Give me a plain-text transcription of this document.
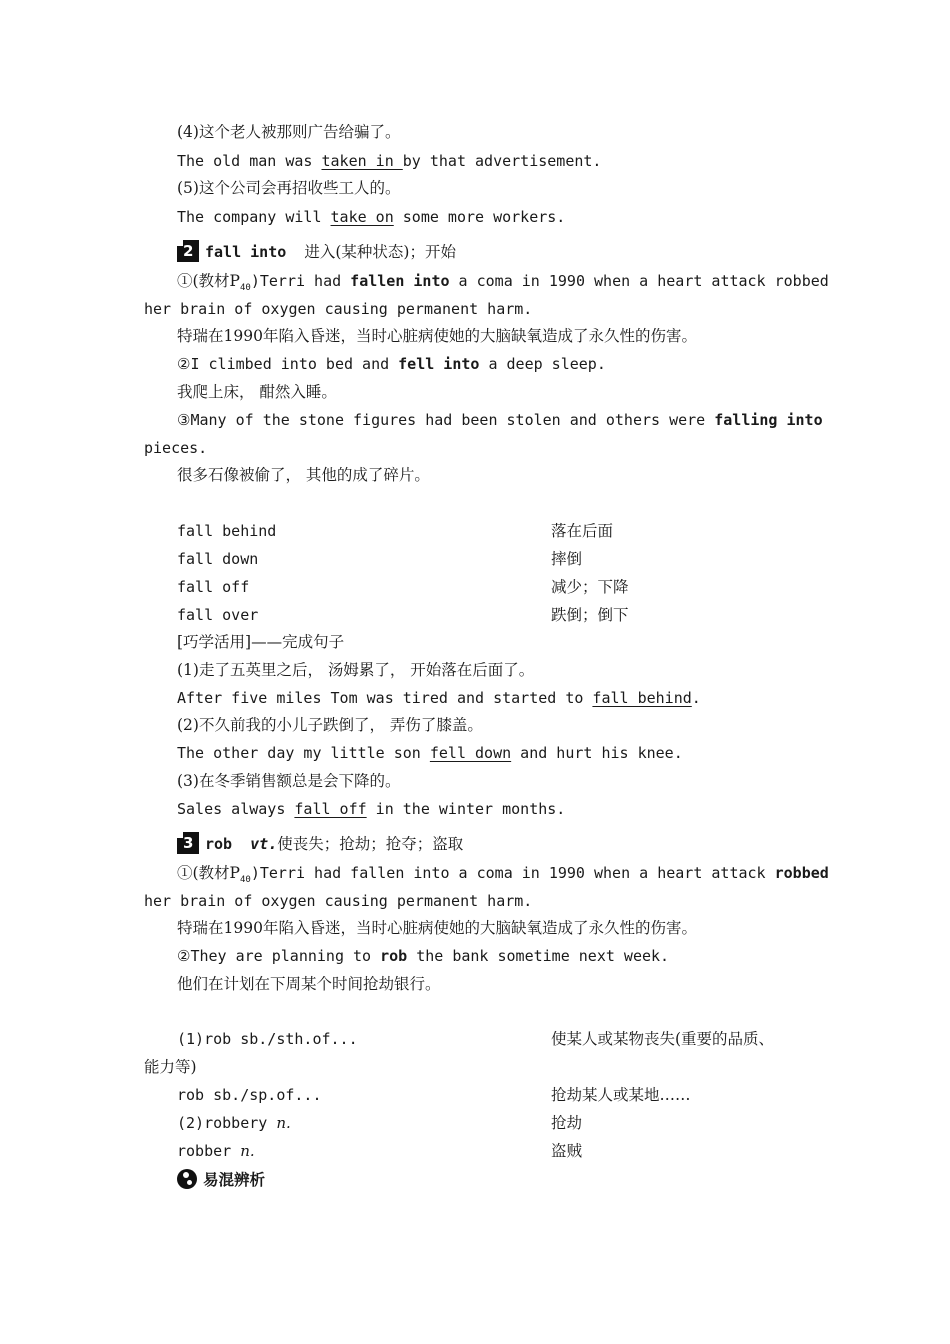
(4)这个老人被那则广告给骗了。
The old man was taken in by that advertisement.
(5)这个公司会再招收些工人的。
The company will take on some more workers.
2 fall into 进入(某种状态)；开始
①(教材$P_{40})Terri$ had fallen into a coma in 1990 when a heart attack robbed
her brain of oxygen causing permanent harm.
特瑞在1990年陷入昏迷，当时心脏病使她的大脑缺氧造成了永久性的伤害。
②I climbed into bed and fell into a deep sleep.
我爬上床， 酣然入睡。
③Many of the stone figures had been stolen and others were falling into
pieces.
很多石像被偷了， 其他的成了碎片。
fall behind	落在后面
fall down	摔倒
fall off	减少；下降
fall over	跌倒；倒下
[巧学活用]——完成句子
(1)走了五英里之后， 汤姆累了， 开始落在后面了。
After five miles Tom was tired and started to fall behind.
(2)不久前我的小儿子跌倒了， 弄伤了膝盖。
The other day my little son fell down and hurt his knee.
(3)在冬季销售额总是会下降的。
Sales always fall off in the winter months.
3 rob vt.使丧失；抢劫；抢夺；盗取
①(教材$P_{40})Terri$ had fallen into a coma in 1990 when a heart attack robbed
her brain of oxygen causing permanent harm.
特瑞在1990年陷入昏迷，当时心脏病使她的大脑缺氧造成了永久性的伤害。
②They are planning to rob the bank sometime next week.
他们在计划在下周某个时间抢劫银行。
(1)rob sb./sth.of...	使某人或某物丧失(重要的品质、
能力等)
rob sb./sp.of...	抢劫某人或某地……
(2)robbery n.	抢劫
robber n.	盗贼
易混辨析
